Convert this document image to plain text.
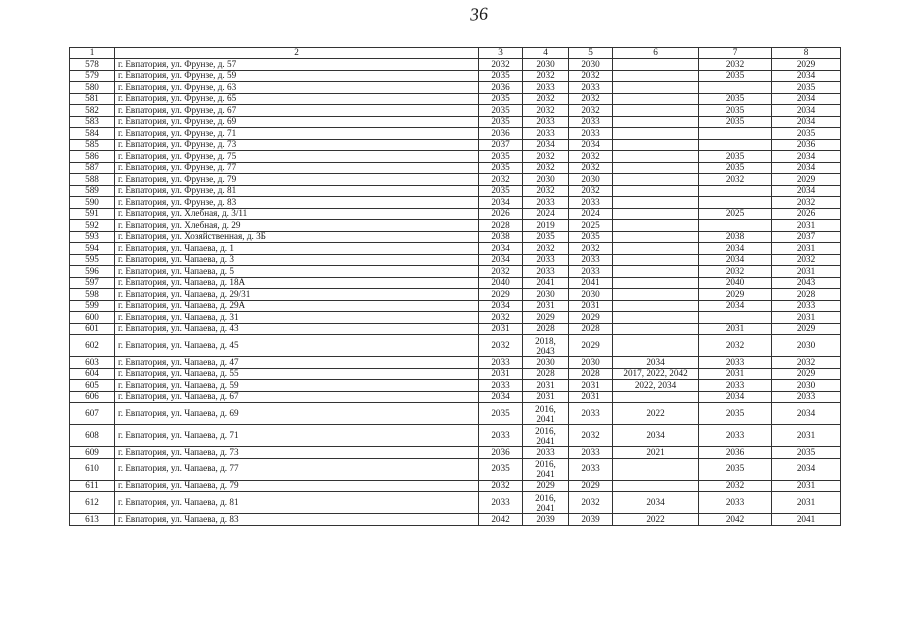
36
1	2	3	4	5	6	7	8
578	г. Евпатория, ул. Фрунзе, д. 57	2032	2030	2030		2032	2029
579	г. Евпатория, ул. Фрунзе, д. 59	2035	2032	2032		2035	2034
580	г. Евпатория, ул. Фрунзе, д. 63	2036	2033	2033			2035
581	г. Евпатория, ул. Фрунзе, д. 65	2035	2032	2032		2035	2034
582	г. Евпатория, ул. Фрунзе, д. 67	2035	2032	2032		2035	2034
583	г. Евпатория, ул. Фрунзе, д. 69	2035	2033	2033		2035	2034
584	г. Евпатория, ул. Фрунзе, д. 71	2036	2033	2033			2035
585	г. Евпатория, ул. Фрунзе, д. 73	2037	2034	2034			2036
586	г. Евпатория, ул. Фрунзе, д. 75	2035	2032	2032		2035	2034
587	г. Евпатория, ул. Фрунзе, д. 77	2035	2032	2032		2035	2034
588	г. Евпатория, ул. Фрунзе, д. 79	2032	2030	2030		2032	2029
589	г. Евпатория, ул. Фрунзе, д. 81	2035	2032	2032			2034
590	г. Евпатория, ул. Фрунзе, д. 83	2034	2033	2033			2032
591	г. Евпатория, ул. Хлебная, д. 3/11	2026	2024	2024		2025	2026
592	г. Евпатория, ул. Хлебная, д. 29	2028	2019	2025			2031
593	г. Евпатория, ул. Хозяйственная, д. 3Б	2038	2035	2035		2038	2037
594	г. Евпатория, ул. Чапаева, д. 1	2034	2032	2032		2034	2031
595	г. Евпатория, ул. Чапаева, д. 3	2034	2033	2033		2034	2032
596	г. Евпатория, ул. Чапаева, д. 5	2032	2033	2033		2032	2031
597	г. Евпатория, ул. Чапаева, д. 18А	2040	2041	2041		2040	2043
598	г. Евпатория, ул. Чапаева, д. 29/31	2029	2030	2030		2029	2028
599	г. Евпатория, ул. Чапаева, д. 29А	2034	2031	2031		2034	2033
600	г. Евпатория, ул. Чапаева, д. 31	2032	2029	2029			2031
601	г. Евпатория, ул. Чапаева, д. 43	2031	2028	2028		2031	2029
602	г. Евпатория, ул. Чапаева, д. 45	2032	2018, 2043	2029		2032	2030
603	г. Евпатория, ул. Чапаева, д. 47	2033	2030	2030	2034	2033	2032
604	г. Евпатория, ул. Чапаева, д. 55	2031	2028	2028	2017, 2022, 2042	2031	2029
605	г. Евпатория, ул. Чапаева, д. 59	2033	2031	2031	2022, 2034	2033	2030
606	г. Евпатория, ул. Чапаева, д. 67	2034	2031	2031		2034	2033
607	г. Евпатория, ул. Чапаева, д. 69	2035	2016, 2041	2033	2022	2035	2034
608	г. Евпатория, ул. Чапаева, д. 71	2033	2016, 2041	2032	2034	2033	2031
609	г. Евпатория, ул. Чапаева, д. 73	2036	2033	2033	2021	2036	2035
610	г. Евпатория, ул. Чапаева, д. 77	2035	2016, 2041	2033		2035	2034
611	г. Евпатория, ул. Чапаева, д. 79	2032	2029	2029		2032	2031
612	г. Евпатория, ул. Чапаева, д. 81	2033	2016, 2041	2032	2034	2033	2031
613	г. Евпатория, ул. Чапаева, д. 83	2042	2039	2039	2022	2042	2041
